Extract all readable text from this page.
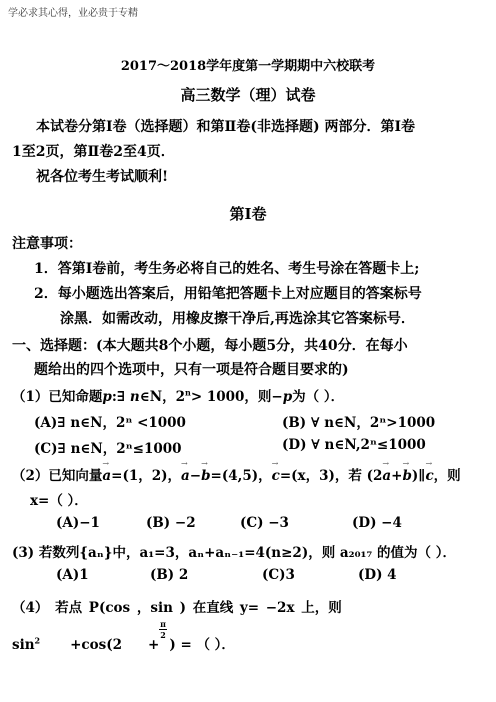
学必求其心得，业必贵于专精
2017～2018学年度第一学期期中六校联考
高三数学（理）试卷
本试卷分第Ⅰ卷（选择题）和第Ⅱ卷(非选择题) 两部分．第Ⅰ卷
1至2页，第Ⅱ卷2至4页．
祝各位考生考试顺利!
第Ⅰ卷
注意事项：
1．答第Ⅰ卷前，考生务必将自己的姓名、考生号涂在答题卡上;
2．每小题选出答案后，用铅笔把答题卡上对应题目的答案标号
涂黑．如需改动，用橡皮擦干净后,再选涂其它答案标号．
一、选择题：(本大题共8个小题，每小题5分，共40分．在每小
题给出的四个选项中，只有一项是符合题目要求的)
（1）已知命题p:∃ n∈N，$2^n> 1000$，则−p为（ ）．
(A)∃ n∈N，2ⁿ <1000	(B) ∀ n∈N，2ⁿ>1000
(C)∃ n∈N，2ⁿ≤1000	(D) ∀ n∈N,2ⁿ≤1000
（2）已知向量→ a=(1，2)，→ a−→ b=(4,5)，→ c=(x，3)，若 (2→ a+→ b)∥→ c，则
x=（ ）．
(A)−1	(B) −2	(C) −3	(D) −4
(3) 若数列{aₙ}中，a₁=3，aₙ+aₙ₋₁=4(n≥2)，则 a₂₀₁₇ 的值为（ ）．
(A)1	(B) 2	(C)3	(D) 4
（4） 若点 P(cos ，sin ) 在直线 y= −2x 上，则
$\sin^2 +\cos(2$ + ) = （ ）．
π
2
